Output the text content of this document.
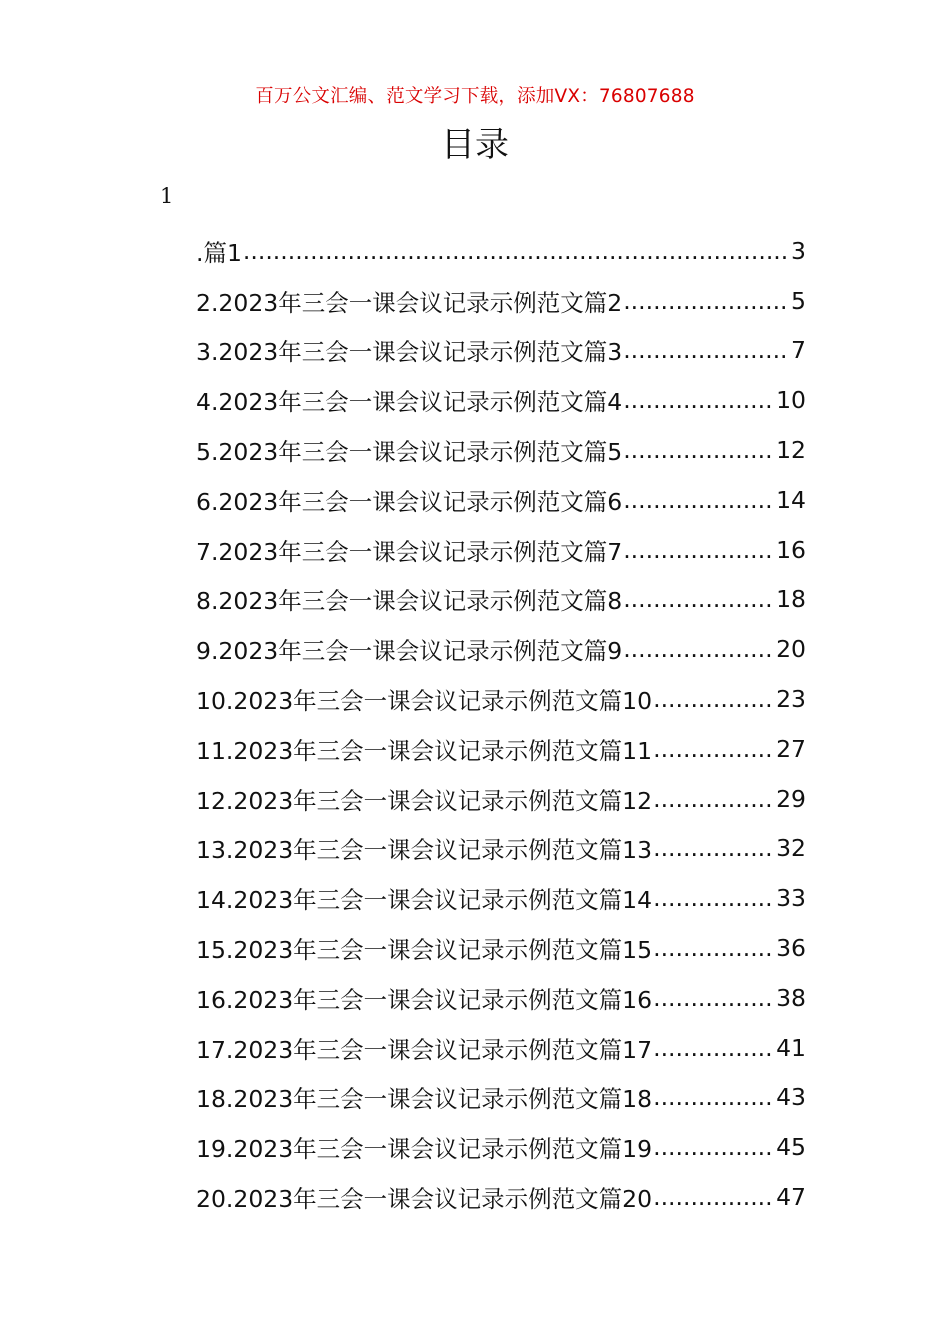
百万公文汇编、范文学习下载，添加VX：76807688
目录
1
.篇1 .....	3
2.2023年三会一课会议记录示例范文篇2 .....	5
3.2023年三会一课会议记录示例范文篇3 .....	7
4.2023年三会一课会议记录示例范文篇4 .....	10
5.2023年三会一课会议记录示例范文篇5 .....	12
6.2023年三会一课会议记录示例范文篇6 .....	14
7.2023年三会一课会议记录示例范文篇7 .....	16
8.2023年三会一课会议记录示例范文篇8 .....	18
9.2023年三会一课会议记录示例范文篇9 .....	20
10.2023年三会一课会议记录示例范文篇10 .....	23
11.2023年三会一课会议记录示例范文篇11 .....	27
12.2023年三会一课会议记录示例范文篇12 .....	29
13.2023年三会一课会议记录示例范文篇13 .....	32
14.2023年三会一课会议记录示例范文篇14 .....	33
15.2023年三会一课会议记录示例范文篇15 .....	36
16.2023年三会一课会议记录示例范文篇16 .....	38
17.2023年三会一课会议记录示例范文篇17 .....	41
18.2023年三会一课会议记录示例范文篇18 .....	43
19.2023年三会一课会议记录示例范文篇19 .....	45
20.2023年三会一课会议记录示例范文篇20 .....	47
